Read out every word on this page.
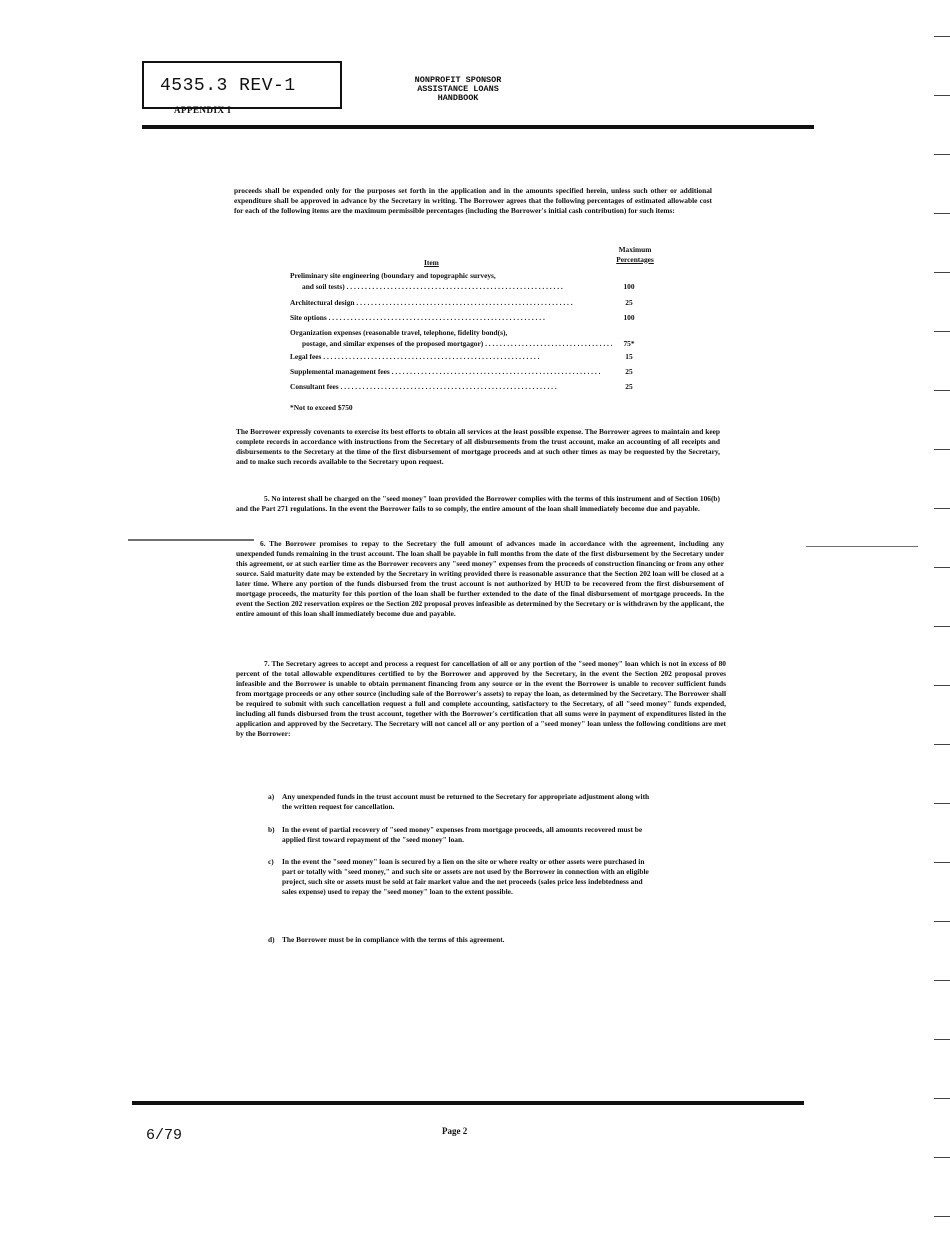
4535.3 REV-1
APPENDIX I
NONPROFIT SPONSOR
ASSISTANCE LOANS
HANDBOOK
proceeds shall be expended only for the purposes set forth in the application and in the amounts specified herein, unless such other or additional expenditure shall be approved in advance by the Secretary in writing. The Borrower agrees that the following percentages of estimated allowable cost for each of the following items are the maximum permissible percentages (including the Borrower's initial cash contribution) for such items:
Maximum
Percentages
Item
Preliminary site engineering (boundary and topographic surveys,
and soil tests) . . .	100
Architectural design . . .	25
Site options . . .	100
Organization expenses (reasonable travel, telephone, fidelity bond(s),
postage, and similar expenses of the proposed mortgagor) . . .	75*
Legal fees . . .	15
Supplemental management fees . . .	25
Consultant fees . . .	25
*Not to exceed $750
The Borrower expressly covenants to exercise its best efforts to obtain all services at the least possible expense. The Borrower agrees to maintain and keep complete records in accordance with instructions from the Secretary of all disbursements from the trust account, make an accounting of all receipts and disbursements to the Secretary at the time of the first disbursement of mortgage proceeds and at such other times as may be requested by the Secretary, and to make such records available to the Secretary upon request.
5. No interest shall be charged on the "seed money" loan provided the Borrower complies with the terms of this instrument and of Section 106(b) and the Part 271 regulations. In the event the Borrower fails to so comply, the entire amount of the loan shall immediately become due and payable.
6. The Borrower promises to repay to the Secretary the full amount of advances made in accordance with the agreement, including any unexpended funds remaining in the trust account. The loan shall be payable in full months from the date of the first disbursement by the Secretary under this agreement, or at such earlier time as the Borrower recovers any "seed money" expenses from the proceeds of construction financing or from any other source. Said maturity date may be extended by the Secretary in writing provided there is reasonable assurance that the Section 202 loan will be closed at a later time. Where any portion of the funds disbursed from the trust account is not authorized by HUD to be recovered from the first disbursement of mortgage proceeds, the maturity for this portion of the loan shall be further extended to the date of the final disbursement of mortgage proceeds. In the event the Section 202 reservation expires or the Section 202 proposal proves infeasible as determined by the Secretary or is withdrawn by the applicant, the entire amount of this loan shall immediately become due and payable.
7. The Secretary agrees to accept and process a request for cancellation of all or any portion of the "seed money" loan which is not in excess of 80 percent of the total allowable expenditures certified to by the Borrower and approved by the Secretary, in the event the Section 202 proposal proves infeasible and the Borrower is unable to obtain permanent financing from any source or in the event the Borrower is unable to recover sufficient funds from mortgage proceeds or any other source (including sale of the Borrower's assets) to repay the loan, as determined by the Secretary. The Borrower shall be required to submit with such cancellation request a full and complete accounting, satisfactory to the Secretary, of all "seed money" funds expended, including all funds disbursed from the trust account, together with the Borrower's certification that all sums were in payment of expenditures listed in the application and approved by the Secretary. The Secretary will not cancel all or any portion of a "seed money" loan unless the following conditions are met by the Borrower:
a) Any unexpended funds in the trust account must be returned to the Secretary for appropriate adjustment along with the written request for cancellation.
b) In the event of partial recovery of "seed money" expenses from mortgage proceeds, all amounts recovered must be applied first toward repayment of the "seed money" loan.
c) In the event the "seed money" loan is secured by a lien on the site or where realty or other assets were purchased in part or totally with "seed money," and such site or assets are not used by the Borrower in connection with an eligible project, such site or assets must be sold at fair market value and the net proceeds (sales price less indebtedness and sales expense) used to repay the "seed money" loan to the extent possible.
d) The Borrower must be in compliance with the terms of this agreement.
6/79	Page 2
